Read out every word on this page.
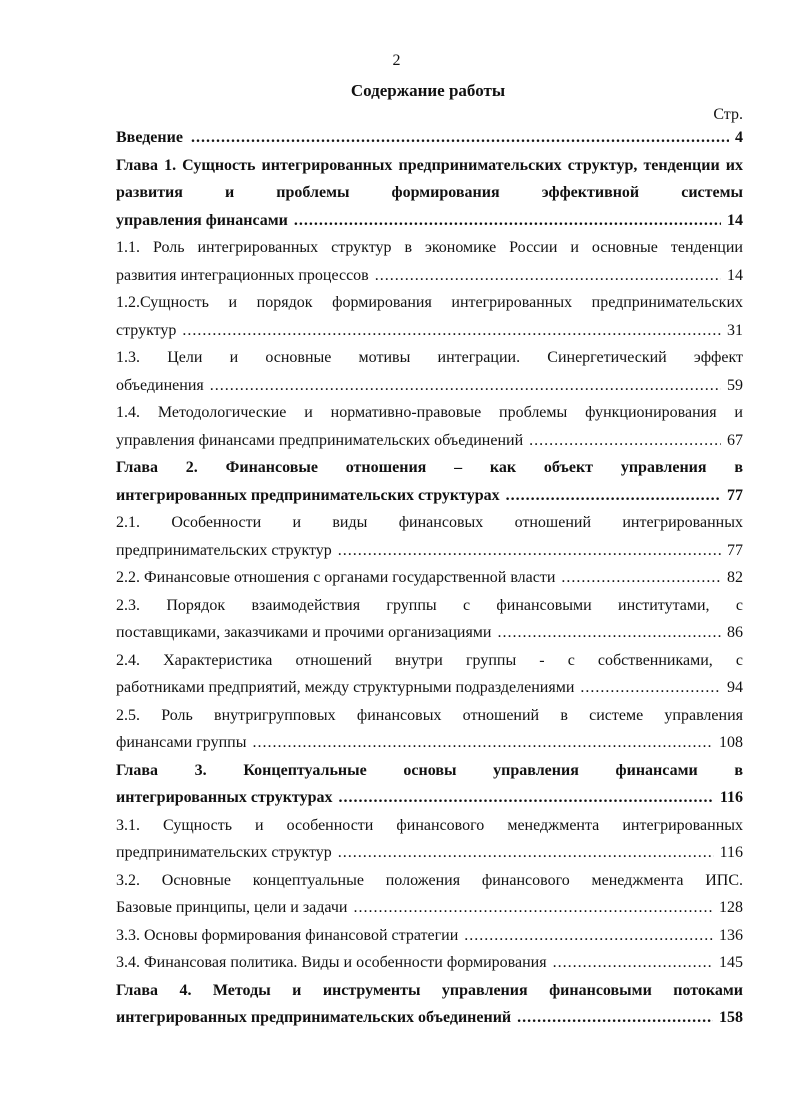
2
Содержание работы
Стр.
Введение .....	4
Глава 1. Сущность интегрированных предпринимательских структур, тенденции их развития и проблемы формирования эффективной системы
управления финансами .....	14
1.1. Роль интегрированных структур в экономике России и основные тенденции
развития интеграционных процессов .....	14
1.2.Сущность и порядок формирования интегрированных предпринимательских
структур .....	31
1.3. Цели и основные мотивы интеграции. Синергетический эффект
объединения .....	59
1.4. Методологические и нормативно-правовые проблемы функционирования и
управления финансами предпринимательских объединений .....	67
Глава 2. Финансовые отношения – как объект управления в
интегрированных предпринимательских структурах .....	77
2.1. Особенности и виды финансовых отношений интегрированных
предпринимательских структур .....	77
2.2. Финансовые отношения с органами государственной власти .....	82
2.3. Порядок взаимодействия группы с финансовыми институтами, с
поставщиками, заказчиками и прочими организациями .....	86
2.4. Характеристика отношений внутри группы - с собственниками, с
работниками предприятий, между структурными подразделениями .....	94
2.5. Роль внутригрупповых финансовых отношений в системе управления
финансами группы .....	108
Глава 3. Концептуальные основы управления финансами в
интегрированных структурах .....	116
3.1. Сущность и особенности финансового менеджмента интегрированных
предпринимательских структур .....	116
3.2. Основные концептуальные положения финансового менеджмента ИПС.
Базовые принципы, цели и задачи .....	128
3.3. Основы формирования финансовой стратегии .....	136
3.4. Финансовая политика. Виды и особенности формирования .....	145
Глава 4. Методы и инструменты управления финансовыми потоками
интегрированных предпринимательских объединений .....	158
